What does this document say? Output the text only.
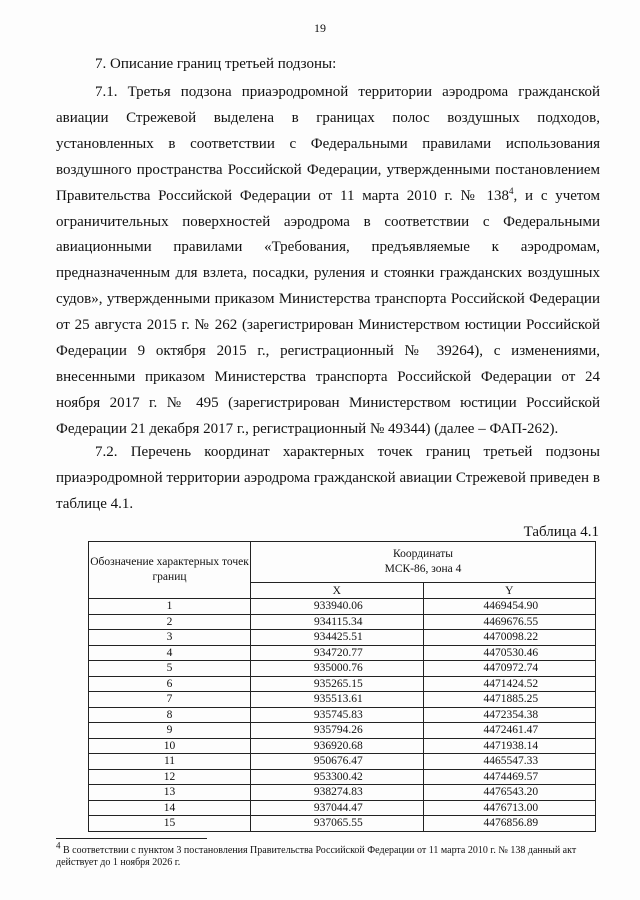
19
7. Описание границ третьей подзоны:

7.1. Третья подзона приаэродромной территории аэродрома гражданской авиации Стрежевой выделена в границах полос воздушных подходов, установленных в соответствии с Федеральными правилами использования воздушного пространства Российской Федерации, утвержденными постановлением Правительства Российской Федерации от 11 марта 2010 г. № $138^4$, и с учетом ограничительных поверхностей аэродрома в соответствии с Федеральными авиационными правилами «Требования, предъявляемые к аэродромам, предназначенным для взлета, посадки, руления и стоянки гражданских воздушных судов», утвержденными приказом Министерства транспорта Российской Федерации от 25 августа 2015 г. № 262 (зарегистрирован Министерством юстиции Российской Федерации 9 октября 2015 г., регистрационный № 39264), с изменениями, внесенными приказом Министерства транспорта Российской Федерации от 24 ноября 2017 г. № 495 (зарегистрирован Министерством юстиции Российской Федерации 21 декабря 2017 г., регистрационный № 49344) (далее – ФАП-262).

7.2. Перечень координат характерных точек границ третьей подзоны приаэродромной территории аэродрома гражданской авиации Стрежевой приведен в таблице 4.1.

Таблица 4.1
Обозначение характерных точек границ	Координаты
МСК-86, зона 4	
	X	Y
1	933940.06	4469454.90
2	934115.34	4469676.55
3	934425.51	4470098.22
4	934720.77	4470530.46
5	935000.76	4470972.74
6	935265.15	4471424.52
7	935513.61	4471885.25
8	935745.83	4472354.38
9	935794.26	4472461.47
10	936920.68	4471938.14
11	950676.47	4465547.33
12	953300.42	4474469.57
13	938274.83	4476543.20
14	937044.47	4476713.00
15	937065.55	4476856.89
$^4$ В соответствии с пунктом 3 постановления Правительства Российской Федерации от 11 марта 2010 г. № 138 данный акт действует до 1 ноября 2026 г.
